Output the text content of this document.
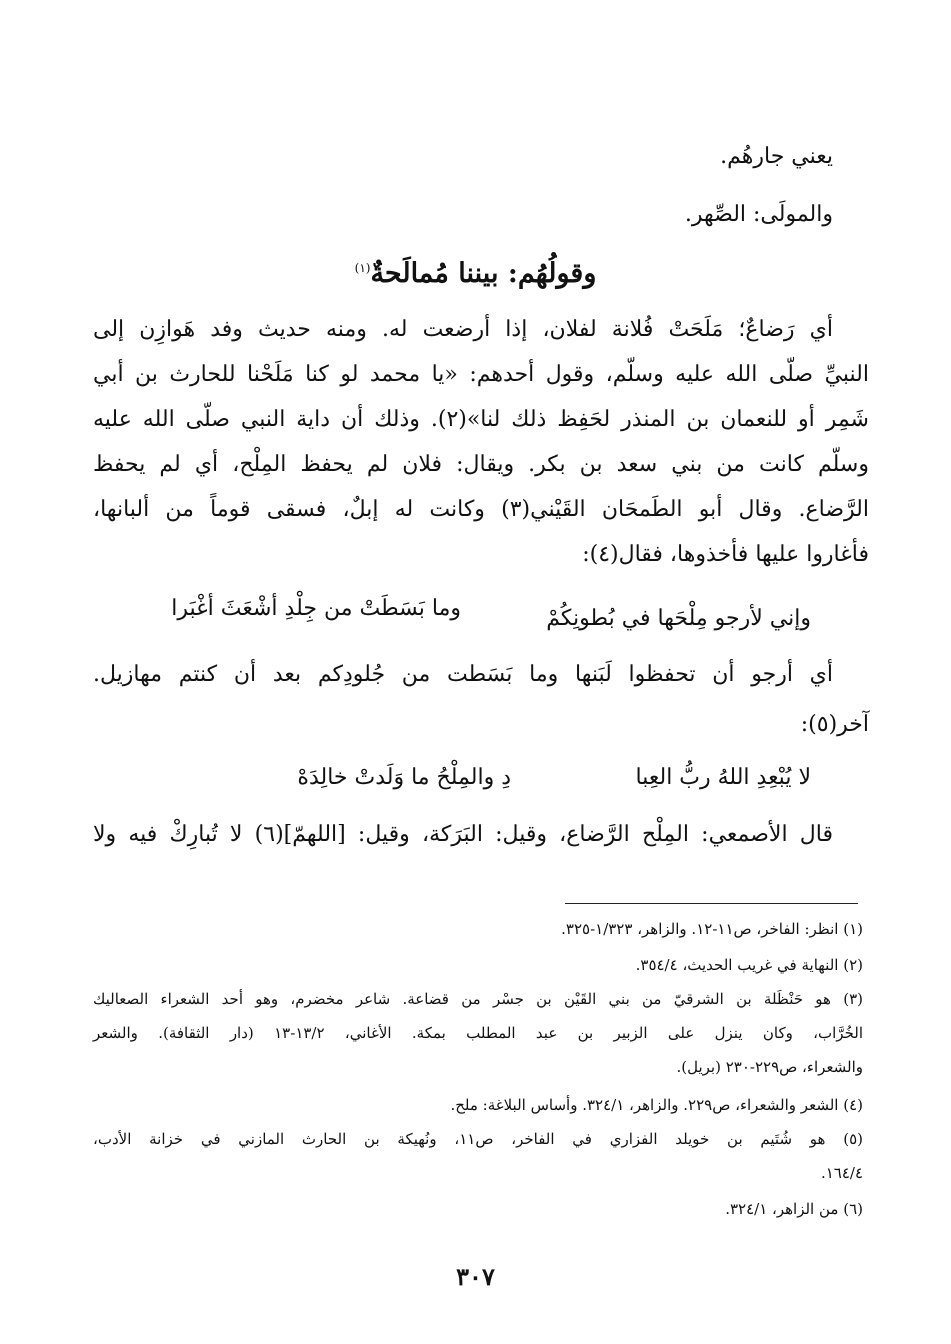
يعني جارهُم.
والمولَى: الصِّهر.
وقولُهُم: بيننا مُمالَحةٌ$^{(١)}$
أي رَضاعٌ؛ مَلَحَتْ فُلانة لفلان، إذا أرضعت له. ومنه حديث وفد هَوازِن إلى
النبيِّ صلّى الله عليه وسلّم، وقول أحدهم: «يا محمد لو كنا مَلَحْنا للحارث بن أبي
شَمِر أو للنعمان بن المنذر لحَفِظ ذلك لنا»(٢). وذلك أن داية النبي صلّى الله عليه
وسلّم كانت من بني سعد بن بكر. ويقال: فلان لم يحفظ المِلْح، أي لم يحفظ
الرَّضاع. وقال أبو الطَمحَان القَيْني(٣) وكانت له إبلٌ، فسقى قوماً من ألبانها،
فأغاروا عليها فأخذوها، فقال(٤):
وإني لأرجو مِلْحَها في بُطونِكُمْ
وما بَسَطَتْ من جِلْدِ أشْعَثَ أغْبَرا
أي أرجو أن تحفظوا لَبَنها وما بَسَطت من جُلودِكم بعد أن كنتم مهازيل.
آخر(٥):
لا يُبْعِدِ اللهُ ربُّ العِبا
دِ والمِلْحُ ما وَلَدتْ خالِدَهْ
قال الأصمعي: المِلْح الرَّضاع، وقيل: البَرَكة، وقيل: [اللهمّ](٦) لا تُبارِكْ فيه ولا
(١) انظر: الفاخر، ص١١-١٢. والزاهر، ١/٣٢٣-٣٢٥.
(٢) النهاية في غريب الحديث، ٣٥٤/٤.
(٣) هو حَنْظَلة بن الشرقيّ من بني القَيْن بن جسْر من قضاعة. شاعر مخضرم، وهو أحد الشعراء الصعاليك
الخُرَّاب، وكان ينزل على الزبير بن عبد المطلب بمكة. الأغاني، ١٣/٢-١٣ (دار الثقافة). والشعر
والشعراء، ص٢٢٩-٢٣٠ (بريل).
(٤) الشعر والشعراء، ص٢٢٩. والزاهر، ٣٢٤/١. وأساس البلاغة: ملح.
(٥) هو شُتَيم بن خويلد الفزاري في الفاخر، ص١١، ونُهيكة بن الحارث المازني في خزانة الأدب،
١٦٤/٤.
(٦) من الزاهر، ٣٢٤/١.
٣٠٧
